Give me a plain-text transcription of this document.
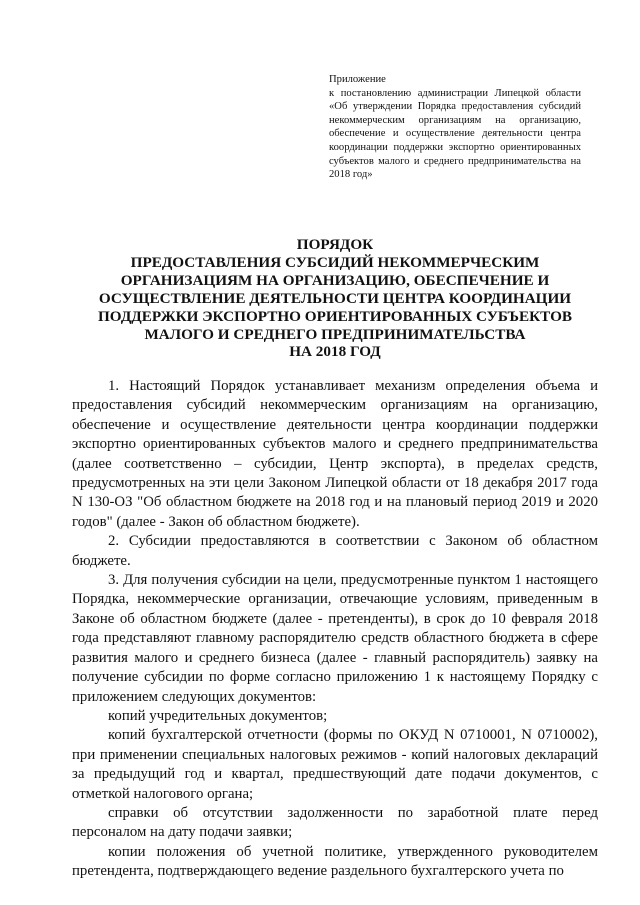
Приложение

к постановлению администрации Липецкой области «Об утверждении Порядка предоставления субсидий некоммерческим организациям на организацию, обеспечение и осуществление деятельности центра координации поддержки экспортно ориентированных субъектов малого и среднего предпринимательства на 2018 год»

ПОРЯДОК
ПРЕДОСТАВЛЕНИЯ СУБСИДИЙ НЕКОММЕРЧЕСКИМ
ОРГАНИЗАЦИЯМ НА ОРГАНИЗАЦИЮ, ОБЕСПЕЧЕНИЕ И
ОСУЩЕСТВЛЕНИЕ ДЕЯТЕЛЬНОСТИ ЦЕНТРА КООРДИНАЦИИ
ПОДДЕРЖКИ ЭКСПОРТНО ОРИЕНТИРОВАННЫХ СУБЪЕКТОВ
МАЛОГО И СРЕДНЕГО ПРЕДПРИНИМАТЕЛЬСТВА
НА 2018 ГОД

1. Настоящий Порядок устанавливает механизм определения объема и предоставления субсидий некоммерческим организациям на организацию, обеспечение и осуществление деятельности центра координации поддержки экспортно ориентированных субъектов малого и среднего предпринимательства (далее соответственно – субсидии, Центр экспорта), в пределах средств, предусмотренных на эти цели Законом Липецкой области от 18 декабря 2017 года N 130-ОЗ "Об областном бюджете на 2018 год и на плановый период 2019 и 2020 годов" (далее - Закон об областном бюджете).

2. Субсидии предоставляются в соответствии с Законом об областном бюджете.

3. Для получения субсидии на цели, предусмотренные пунктом 1 настоящего Порядка, некоммерческие организации, отвечающие условиям, приведенным в Законе об областном бюджете (далее - претенденты), в срок до 10 февраля 2018 года представляют главному распорядителю средств областного бюджета в сфере развития малого и среднего бизнеса (далее - главный распорядитель) заявку на получение субсидии по форме согласно приложению 1 к настоящему Порядку с приложением следующих документов:

копий учредительных документов;

копий бухгалтерской отчетности (формы по ОКУД N 0710001, N 0710002), при применении специальных налоговых режимов - копий налоговых деклараций за предыдущий год и квартал, предшествующий дате подачи документов, с отметкой налогового органа;

справки об отсутствии задолженности по заработной плате перед персоналом на дату подачи заявки;

копии положения об учетной политике, утвержденного руководителем претендента, подтверждающего ведение раздельного бухгалтерского учета по
